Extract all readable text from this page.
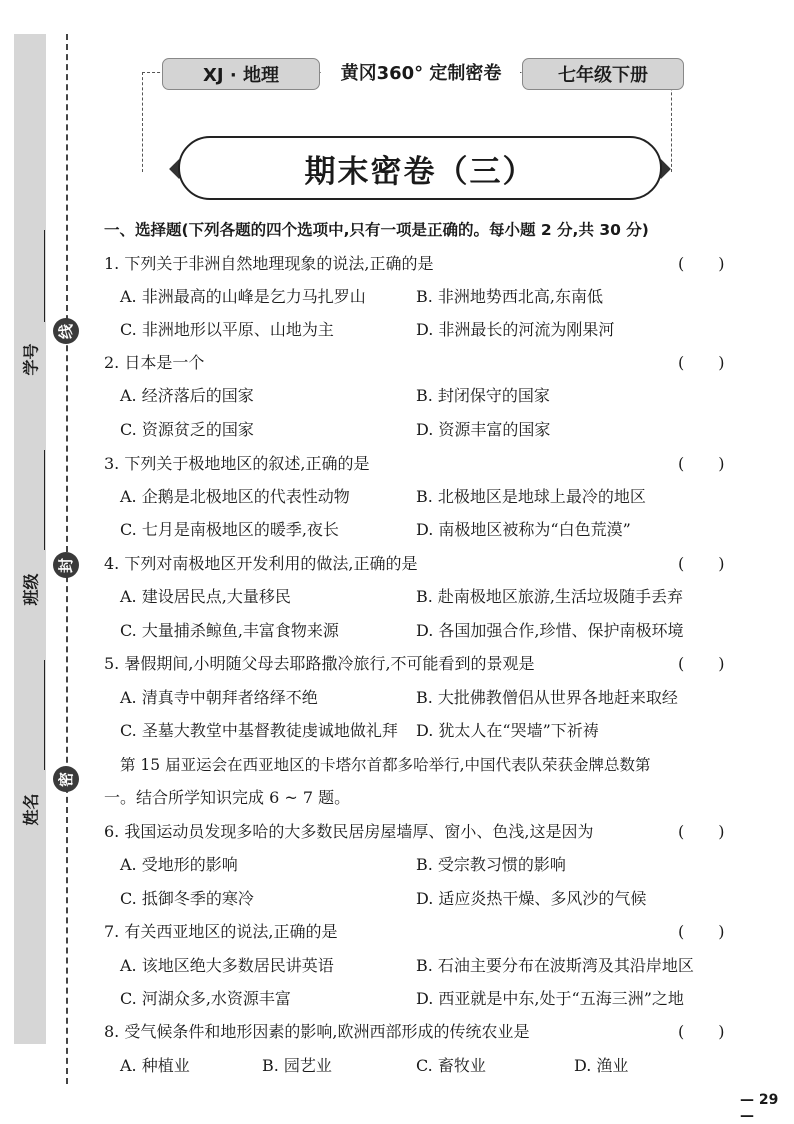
线
封
密
学号
班级
姓名
XJ · 地理	黄冈360° 定制密卷	七年级下册
期末密卷（三）
一、选择题(下列各题的四个选项中,只有一项是正确的。每小题 2 分,共 30 分)
1. 下列关于非洲自然地理现象的说法,正确的是	( )
A. 非洲最高的山峰是乞力马扎罗山	B. 非洲地势西北高,东南低
C. 非洲地形以平原、山地为主	D. 非洲最长的河流为刚果河
2. 日本是一个	( )
A. 经济落后的国家	B. 封闭保守的国家
C. 资源贫乏的国家	D. 资源丰富的国家
3. 下列关于极地地区的叙述,正确的是	( )
A. 企鹅是北极地区的代表性动物	B. 北极地区是地球上最冷的地区
C. 七月是南极地区的暖季,夜长	D. 南极地区被称为“白色荒漠”
4. 下列对南极地区开发利用的做法,正确的是	( )
A. 建设居民点,大量移民	B. 赴南极地区旅游,生活垃圾随手丢弃
C. 大量捕杀鲸鱼,丰富食物来源	D. 各国加强合作,珍惜、保护南极环境
5. 暑假期间,小明随父母去耶路撒冷旅行,不可能看到的景观是	( )
A. 清真寺中朝拜者络绎不绝	B. 大批佛教僧侣从世界各地赶来取经
C. 圣墓大教堂中基督教徒虔诚地做礼拜 D. 犹太人在“哭墙”下祈祷
第 15 届亚运会在西亚地区的卡塔尔首都多哈举行,中国代表队荣获金牌总数第
一。结合所学知识完成 6 ~ 7 题。
6. 我国运动员发现多哈的大多数民居房屋墙厚、窗小、色浅,这是因为	( )
A. 受地形的影响	B. 受宗教习惯的影响
C. 抵御冬季的寒冷	D. 适应炎热干燥、多风沙的气候
7. 有关西亚地区的说法,正确的是	( )
A. 该地区绝大多数居民讲英语	B. 石油主要分布在波斯湾及其沿岸地区
C. 河湖众多,水资源丰富	D. 西亚就是中东,处于“五海三洲”之地
8. 受气候条件和地形因素的影响,欧洲西部形成的传统农业是	( )
A. 种植业	B. 园艺业	C. 畜牧业	D. 渔业
— 29 —
